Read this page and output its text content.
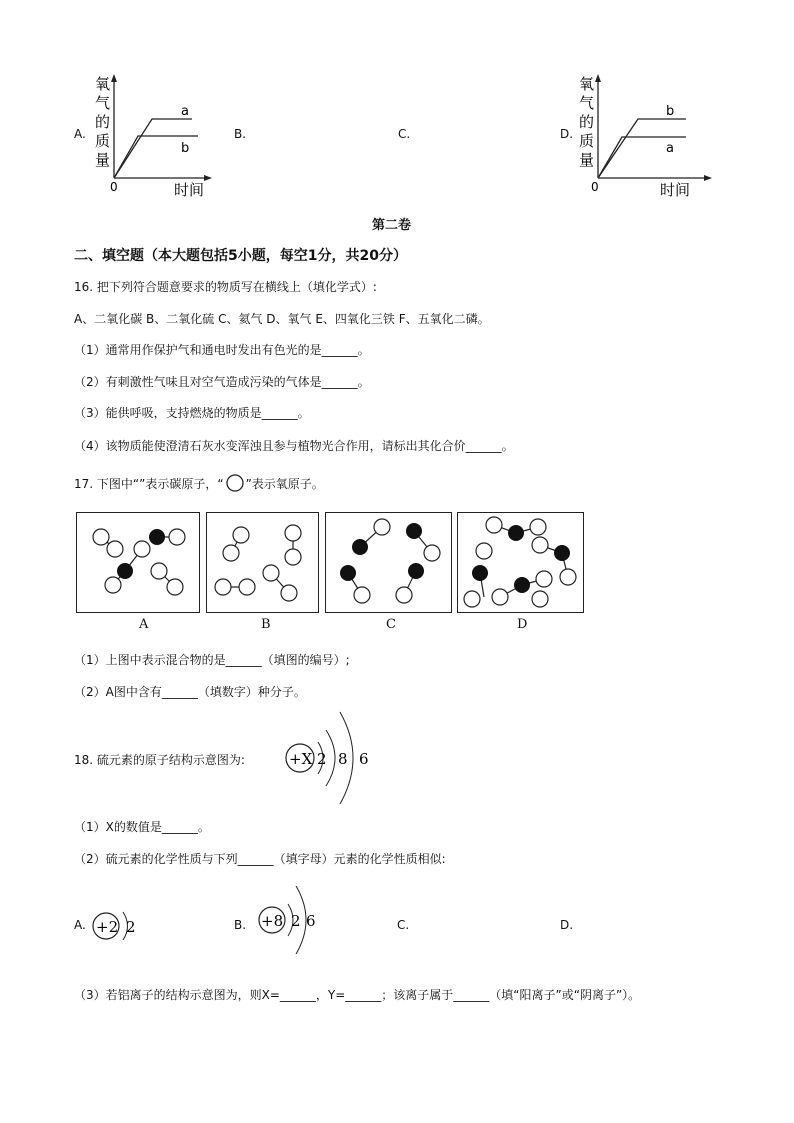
A.
氧
气
的
质
量
a
b
0	时间
B.	C.	D.
氧
气
的
质
量
b
a
0	时间
第二卷
二、填空题（本大题包括5小题，每空1分，共20分）
16. 把下列符合题意要求的物质写在横线上（填化学式）:
A、二氧化碳 B、二氧化硫 C、氦气 D、氧气 E、四氧化三铁 F、五氧化二磷。
（1）通常用作保护气和通电时发出有色光的是______。
（2）有刺激性气味且对空气造成污染的气体是______。
（3）能供呼吸，支持燃烧的物质是______。
（4）该物质能使澄清石灰水变浑浊且参与植物光合作用，请标出其化合价______。
17. 下图中“”表示碳原子，“ ”表示氧原子。
A	B	C	D
（1）上图中表示混合物的是______（填图的编号）;
（2）A图中含有______（填数字）种分子。
18. 硫元素的原子结构示意图为:	+X 2 8 6
（1）X的数值是______。
（2）硫元素的化学性质与下列______（填字母）元素的化学性质相似:
A. +2 2	B. +8 2 6	C.	D.
（3）若铝离子的结构示意图为，则X=______，Y=______；该离子属于______（填“阳离子”或“阴离子”）。
